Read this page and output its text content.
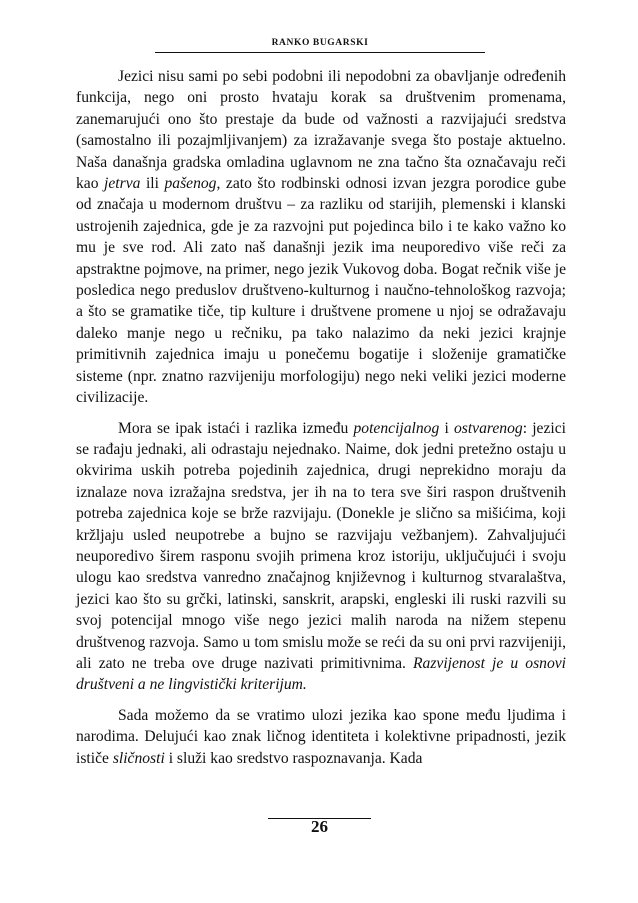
RANKO BUGARSKI

Jezici nisu sami po sebi podobni ili nepodobni za obavljanje određenih funkcija, nego oni prosto hvataju korak sa društvenim promenama, zanemarujući ono što prestaje da bude od važnosti a razvijajući sredstva (samostalno ili pozajmljivanjem) za izražavanje svega što postaje aktuelno. Naša današnja gradska omladina uglavnom ne zna tačno šta označavaju reči kao jetrva ili pašenog, zato što rodbinski odnosi izvan jezgra porodice gube od značaja u modernom društvu – za razliku od starijih, plemenski i klanski ustrojenih zajednica, gde je za razvojni put pojedinca bilo i te kako važno ko mu je sve rod. Ali zato naš današnji jezik ima neuporedivo više reči za apstraktne pojmove, na primer, nego jezik Vukovog doba. Bogat rečnik više je posledica nego preduslov društveno-kulturnog i naučno-tehnološkog razvoja; a što se gramatike tiče, tip kulture i društvene promene u njoj se odražavaju daleko manje nego u rečniku, pa tako nalazimo da neki jezici krajnje primitivnih zajednica imaju u ponečemu bogatije i složenije gramatičke sisteme (npr. znatno razvijeniju morfologiju) nego neki veliki jezici moderne civilizacije.

Mora se ipak istaći i razlika između potencijalnog i ostvarenog: jezici se rađaju jednaki, ali odrastaju nejednako. Naime, dok jedni pretežno ostaju u okvirima uskih potreba pojedinih zajednica, drugi neprekidno moraju da iznalaze nova izražajna sredstva, jer ih na to tera sve širi raspon društvenih potreba zajednica koje se brže razvijaju. (Donekle je slično sa mišićima, koji kržljaju usled neupotrebe a bujno se razvijaju vežbanjem). Zahvaljujući neuporedivo širem rasponu svojih primena kroz istoriju, uključujući i svoju ulogu kao sredstva vanredno značajnog književnog i kulturnog stvaralaštva, jezici kao što su grčki, latinski, sanskrit, arapski, engleski ili ruski razvili su svoj potencijal mnogo više nego jezici malih naroda na nižem stepenu društvenog razvoja. Samo u tom smislu može se reći da su oni prvi razvijeniji, ali zato ne treba ove druge nazivati primitivnima. Razvijenost je u osnovi društveni a ne lingvistički kriterijum.

Sada možemo da se vratimo ulozi jezika kao spone među ljudima i narodima. Delujući kao znak ličnog identiteta i kolektivne pripadnosti, jezik ističe sličnosti i služi kao sredstvo raspoznavanja. Kada

26
